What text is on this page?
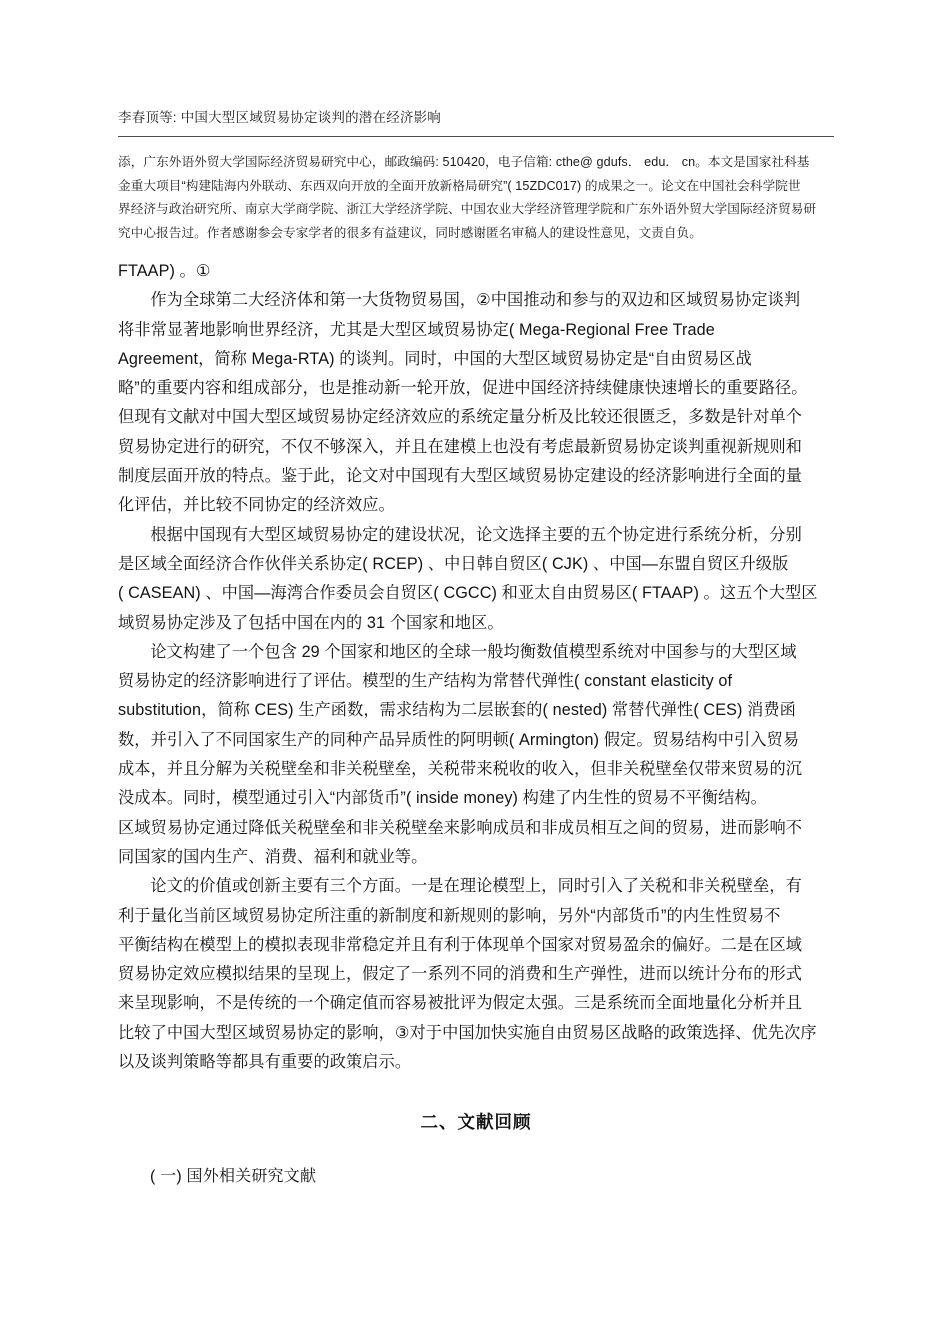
李春顶等: 中国大型区域贸易协定谈判的潜在经济影响
添，广东外语外贸大学国际经济贸易研究中心，邮政编码: 510420，电子信箱: cthe@ gdufs． edu． cn。本文是国家社科基
金重大项目“构建陆海内外联动、东西双向开放的全面开放新格局研究”( 15ZDC017) 的成果之一。论文在中国社会科学院世
界经济与政治研究所、南京大学商学院、浙江大学经济学院、中国农业大学经济管理学院和广东外语外贸大学国际经济贸易研
究中心报告过。作者感谢参会专家学者的很多有益建议，同时感谢匿名审稿人的建设性意见，文责自负。

FTAAP) 。①

作为全球第二大经济体和第一大货物贸易国，②中国推动和参与的双边和区域贸易协定谈判
将非常显著地影响世界经济，尤其是大型区域贸易协定( Mega-Regional Free Trade
Agreement，简称 Mega-RTA) 的谈判。同时，中国的大型区域贸易协定是“自由贸易区战
略”的重要内容和组成部分，也是推动新一轮开放，促进中国经济持续健康快速增长的重要路径。
但现有文献对中国大型区域贸易协定经济效应的系统定量分析及比较还很匮乏，多数是针对单个
贸易协定进行的研究，不仅不够深入，并且在建模上也没有考虑最新贸易协定谈判重视新规则和
制度层面开放的特点。鉴于此，论文对中国现有大型区域贸易协定建设的经济影响进行全面的量
化评估，并比较不同协定的经济效应。

根据中国现有大型区域贸易协定的建设状况，论文选择主要的五个协定进行系统分析，分别
是区域全面经济合作伙伴关系协定( RCEP) 、中日韩自贸区( CJK) 、中国—东盟自贸区升级版
( CASEAN) 、中国—海湾合作委员会自贸区( CGCC) 和亚太自由贸易区( FTAAP) 。这五个大型区
域贸易协定涉及了包括中国在内的 31 个国家和地区。

论文构建了一个包含 29 个国家和地区的全球一般均衡数值模型系统对中国参与的大型区域
贸易协定的经济影响进行了评估。模型的生产结构为常替代弹性( constant elasticity of
substitution，简称 CES) 生产函数，需求结构为二层嵌套的( nested) 常替代弹性( CES) 消费函
数，并引入了不同国家生产的同种产品异质性的阿明顿( Armington) 假定。贸易结构中引入贸易
成本，并且分解为关税壁垒和非关税壁垒，关税带来税收的收入，但非关税壁垒仅带来贸易的沉
没成本。同时，模型通过引入“内部货币”( inside money) 构建了内生性的贸易不平衡结构。
区域贸易协定通过降低关税壁垒和非关税壁垒来影响成员和非成员相互之间的贸易，进而影响不
同国家的国内生产、消费、福利和就业等。

论文的价值或创新主要有三个方面。一是在理论模型上，同时引入了关税和非关税壁垒，有
利于量化当前区域贸易协定所注重的新制度和新规则的影响，另外“内部货币”的内生性贸易不
平衡结构在模型上的模拟表现非常稳定并且有利于体现单个国家对贸易盈余的偏好。二是在区域
贸易协定效应模拟结果的呈现上，假定了一系列不同的消费和生产弹性，进而以统计分布的形式
来呈现影响，不是传统的一个确定值而容易被批评为假定太强。三是系统而全面地量化分析并且
比较了中国大型区域贸易协定的影响，③对于中国加快实施自由贸易区战略的政策选择、优先次序
以及谈判策略等都具有重要的政策启示。

二、文献回顾
( 一) 国外相关研究文献
